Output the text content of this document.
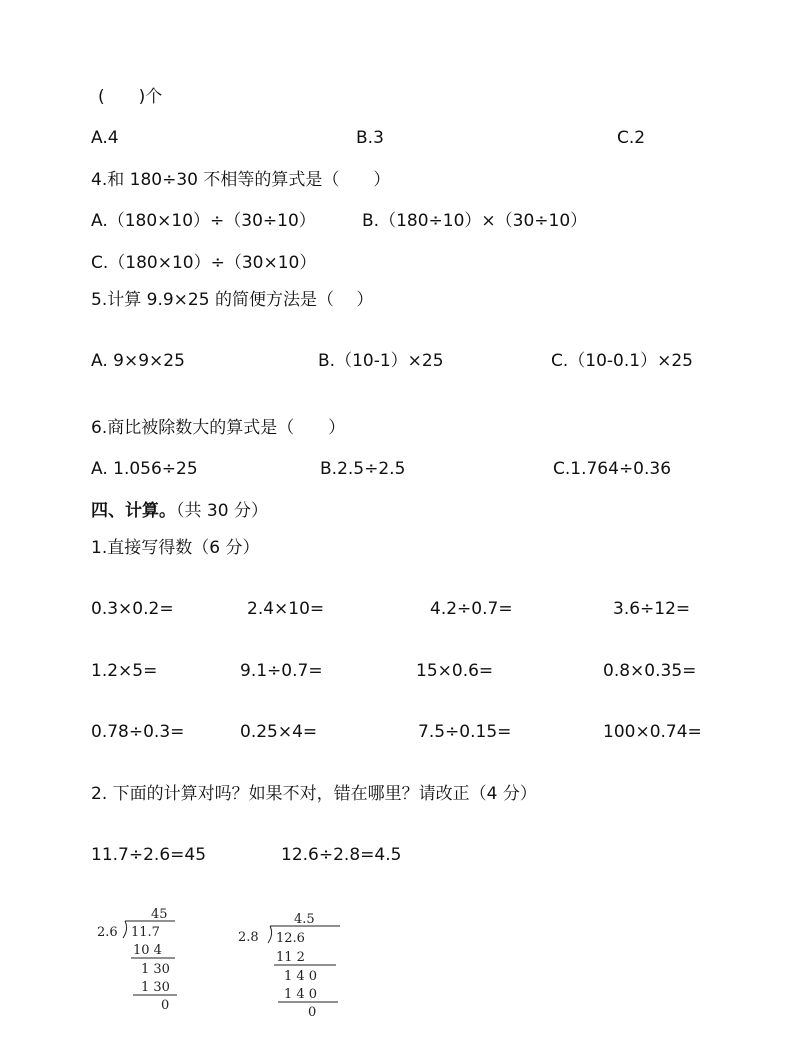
(　　)个
A.4	B.3	C.2
4.和 180÷30 不相等的算式是（　　）
A.（180×10）÷（30÷10）	B.（180÷10）×（30÷10）
C.（180×10）÷（30×10）
5.计算 9.9×25 的简便方法是（　 ）
A. 9×9×25	B.（10-1）×25	C.（10-0.1）×25
6.商比被除数大的算式是（　　）
A. 1.056÷25	B.2.5÷2.5	C.1.764÷0.36
四、计算。（共 30 分）
1.直接写得数（6 分）
0.3×0.2=	2.4×10=	4.2÷0.7=	3.6÷12=
1.2×5=	9.1÷0.7=	15×0.6=	0.8×0.35=
0.78÷0.3=	0.25×4=	7.5÷0.15=	100×0.74=
2. 下面的计算对吗？如果不对，错在哪里？请改正（4 分）
11.7÷2.6=45	12.6÷2.8=4.5
45
2.6 11.7
10 4
1 30
1 30
0
4.5
2.8 12.6
11 2
1 4 0
1 4 0
0
